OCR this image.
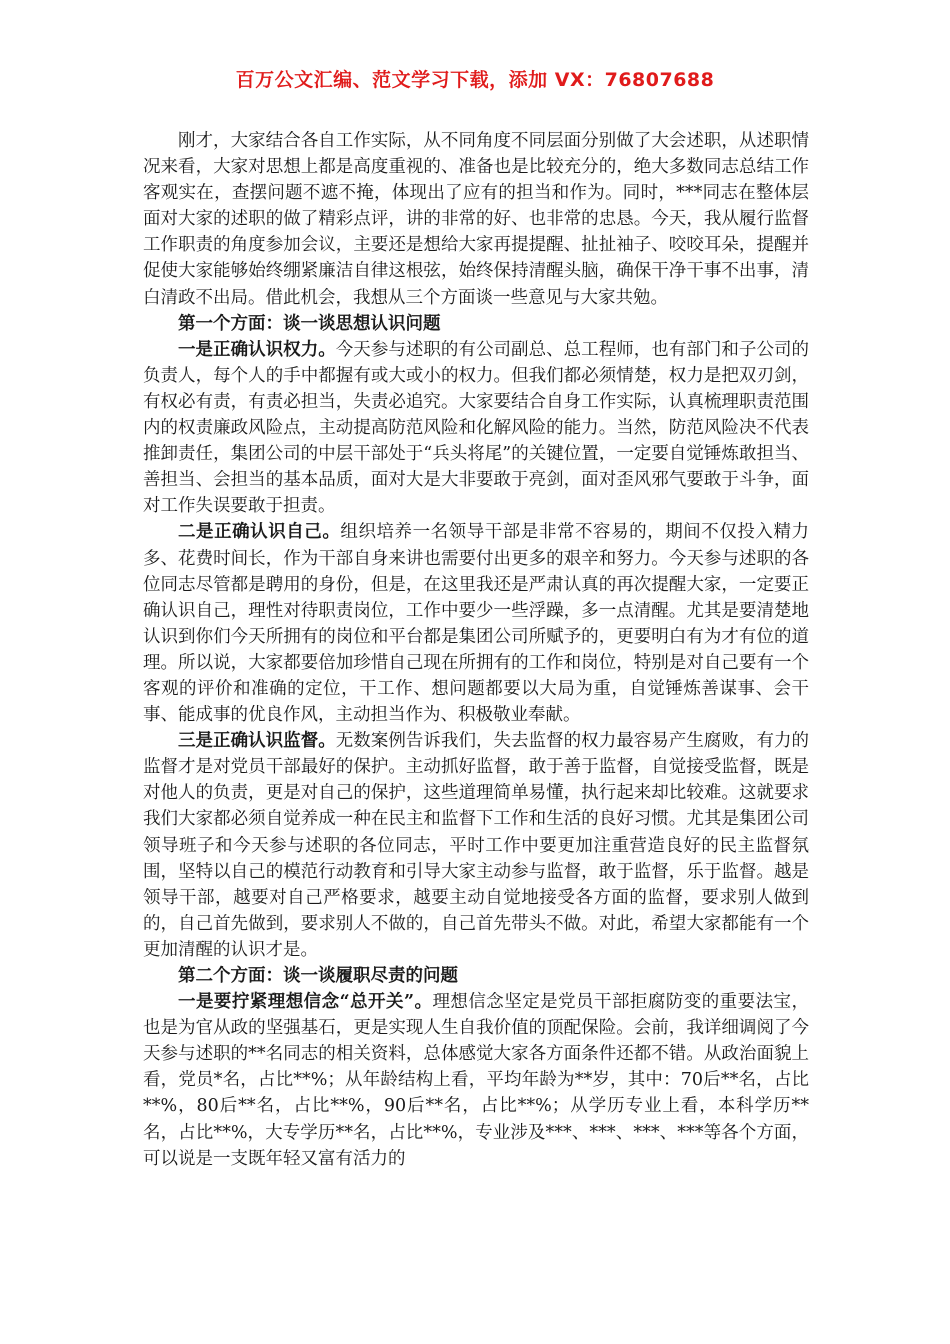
百万公文汇编、范文学习下载，添加 VX：76807688

刚才，大家结合各自工作实际，从不同角度不同层面分别做了大会述职，从述职情况来看，大家对思想上都是高度重视的、准备也是比较充分的，绝大多数同志总结工作客观实在，查摆问题不遮不掩，体现出了应有的担当和作为。同时，***同志在整体层面对大家的述职的做了精彩点评，讲的非常的好、也非常的忠恳。今天，我从履行监督工作职责的角度参加会议，主要还是想给大家再提提醒、扯扯袖子、咬咬耳朵，提醒并促使大家能够始终绷紧廉洁自律这根弦，始终保持清醒头脑，确保干净干事不出事，清白清政不出局。借此机会，我想从三个方面谈一些意见与大家共勉。

第一个方面：谈一谈思想认识问题

一是正确认识权力。今天参与述职的有公司副总、总工程师，也有部门和子公司的负责人，每个人的手中都握有或大或小的权力。但我们都必须情楚，权力是把双刃剑，有权必有责，有责必担当，失责必追究。大家要结合自身工作实际，认真梳理职责范围内的权责廉政风险点，主动提高防范风险和化解风险的能力。当然，防范风险决不代表推卸责任，集团公司的中层干部处于“兵头将尾”的关键位置，一定要自觉锤炼敢担当、善担当、会担当的基本品质，面对大是大非要敢于亮剑，面对歪风邪气要敢于斗争，面对工作失误要敢于担责。

二是正确认识自己。组织培养一名领导干部是非常不容易的，期间不仅投入精力多、花费时间长，作为干部自身来讲也需要付出更多的艰辛和努力。今天参与述职的各位同志尽管都是聘用的身份，但是，在这里我还是严肃认真的再次提醒大家，一定要正确认识自己，理性对待职责岗位，工作中要少一些浮躁，多一点清醒。尤其是要清楚地认识到你们今天所拥有的岗位和平台都是集团公司所赋予的，更要明白有为才有位的道理。所以说，大家都要倍加珍惜自己现在所拥有的工作和岗位，特别是对自己要有一个客观的评价和准确的定位，干工作、想问题都要以大局为重，自觉锤炼善谋事、会干事、能成事的优良作风，主动担当作为、积极敬业奉献。

三是正确认识监督。无数案例告诉我们，失去监督的权力最容易产生腐败，有力的监督才是对党员干部最好的保护。主动抓好监督，敢于善于监督，自觉接受监督，既是对他人的负责，更是对自己的保护，这些道理简单易懂，执行起来却比较难。这就要求我们大家都必须自觉养成一种在民主和监督下工作和生活的良好习惯。尤其是集团公司领导班子和今天参与述职的各位同志，平时工作中要更加注重营造良好的民主监督氛围，坚特以自己的模范行动教育和引导大家主动参与监督，敢于监督，乐于监督。越是领导干部，越要对自己严格要求，越要主动自觉地接受各方面的监督，要求别人做到的，自己首先做到，要求别人不做的，自己首先带头不做。对此，希望大家都能有一个更加清醒的认识才是。

第二个方面：谈一谈履职尽责的问题

一是要拧紧理想信念“总开关”。理想信念坚定是党员干部拒腐防变的重要法宝，也是为官从政的坚强基石，更是实现人生自我价值的顶配保险。会前，我详细调阅了今天参与述职的**名同志的相关资料，总体感觉大家各方面条件还都不错。从政治面貌上看，党员*名，占比**%；从年龄结构上看，平均年龄为**岁，其中：70后**名，占比**%，80后**名，占比**%，90后**名，占比**%；从学历专业上看，本科学历**名，占比**%，大专学历**名，占比**%，专业涉及***、***、***、***等各个方面，可以说是一支既年轻又富有活力的
